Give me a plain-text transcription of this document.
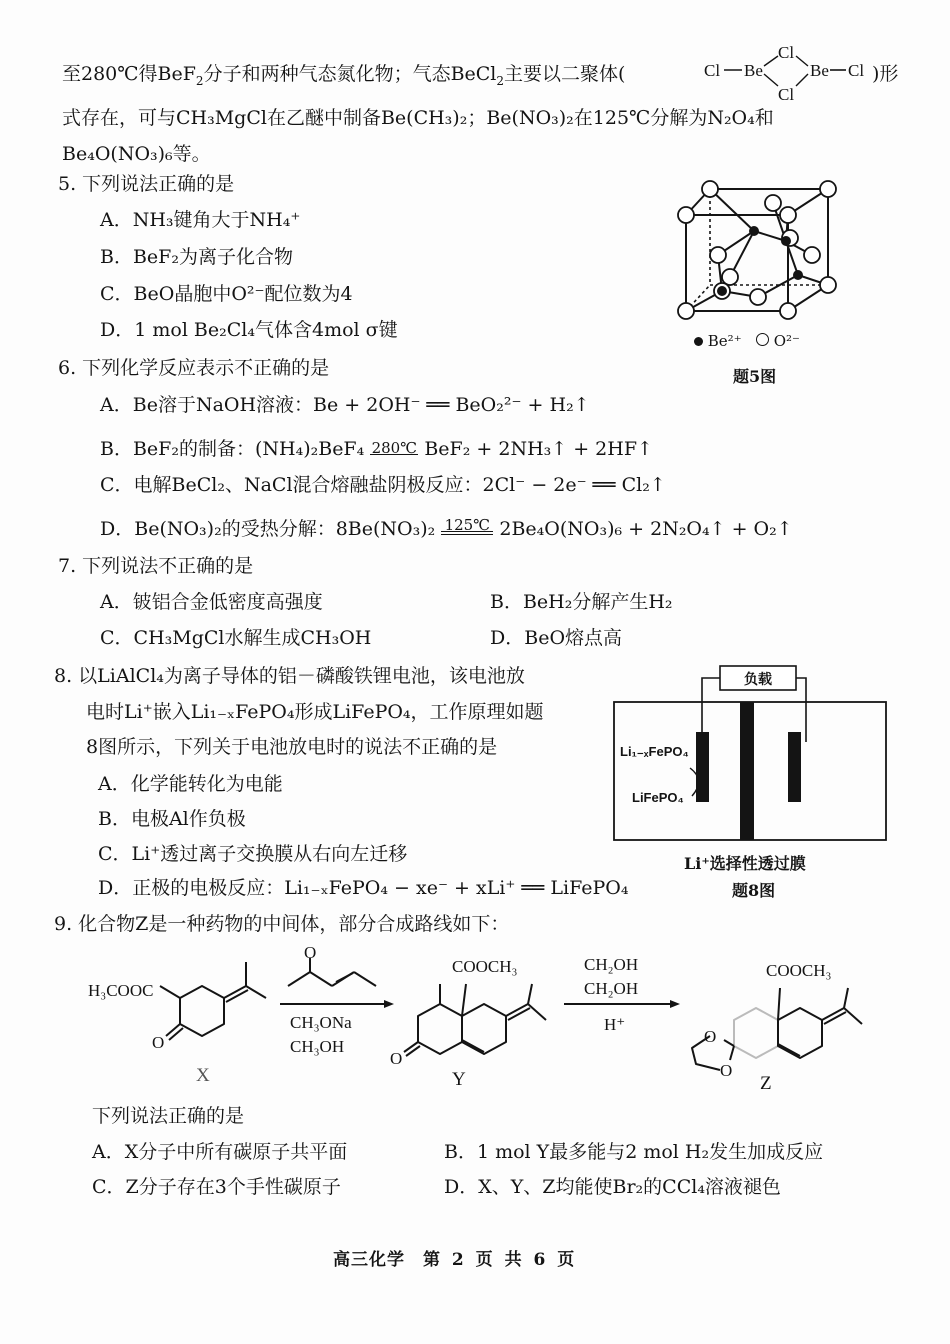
至280℃得BeF$_2$分子和两种气态氮化物；气态BeCl$_2$主要以二聚体(	Cl Be
Cl
Cl
Be Cl )形
式存在，可与CH₃MgCl在乙醚中制备Be(CH₃)₂；Be(NO₃)₂在125℃分解为N₂O₄和
Be₄O(NO₃)₆等。
5. 下列说法正确的是
A．NH₃键角大于NH₄⁺
B．BeF₂为离子化合物
C．BeO晶胞中O²⁻配位数为4
D．1 mol Be₂Cl₄气体含4mol σ键	Be²⁺ O²⁻
题5图
6. 下列化学反应表示不正确的是
A．Be溶于NaOH溶液：Be + 2OH⁻ ══ BeO₂²⁻ + H₂↑
B．BeF₂的制备：(NH₄)₂BeF₄ 280℃ BeF₂ + 2NH₃↑ + 2HF↑
C．电解BeCl₂、NaCl混合熔融盐阴极反应：2Cl⁻ − 2e⁻ ══ Cl₂↑
D．Be(NO₃)₂的受热分解：8Be(NO₃)₂ 125℃ 2Be₄O(NO₃)₆ + 2N₂O₄↑ + O₂↑
7. 下列说法不正确的是
A．铍铝合金低密度高强度	B．BeH₂分解产生H₂
C．CH₃MgCl水解生成CH₃OH	D．BeO熔点高
8. 以LiAlCl₄为离子导体的铝－磷酸铁锂电池，该电池放
电时Li⁺嵌入Li₁₋ₓFePO₄形成LiFePO₄，工作原理如题
8图所示，下列关于电池放电时的说法不正确的是
A．化学能转化为电能
B．电极Al作负极
C．Li⁺透过离子交换膜从右向左迁移
D．正极的电极反应：Li₁₋ₓFePO₄ − xe⁻ + xLi⁺ ══ LiFePO₄
负载
Li₁₋ₓFePO₄
LiFePO₄
Li⁺选择性透过膜
题8图
9. 化合物Z是一种药物的中间体，部分合成路线如下：
H₃COOC
O
O
CH₃ONa
CH₃OH
COOCH₃
O
CH₂OH
CH₂OH
H⁺
COOCH₃
O
O
X	Y	Z
下列说法正确的是
A．X分子中所有碳原子共平面	B．1 mol Y最多能与2 mol H₂发生加成反应
C．Z分子存在3个手性碳原子	D．X、Y、Z均能使Br₂的CCl₄溶液褪色
高三化学　第 2 页 共 6 页
